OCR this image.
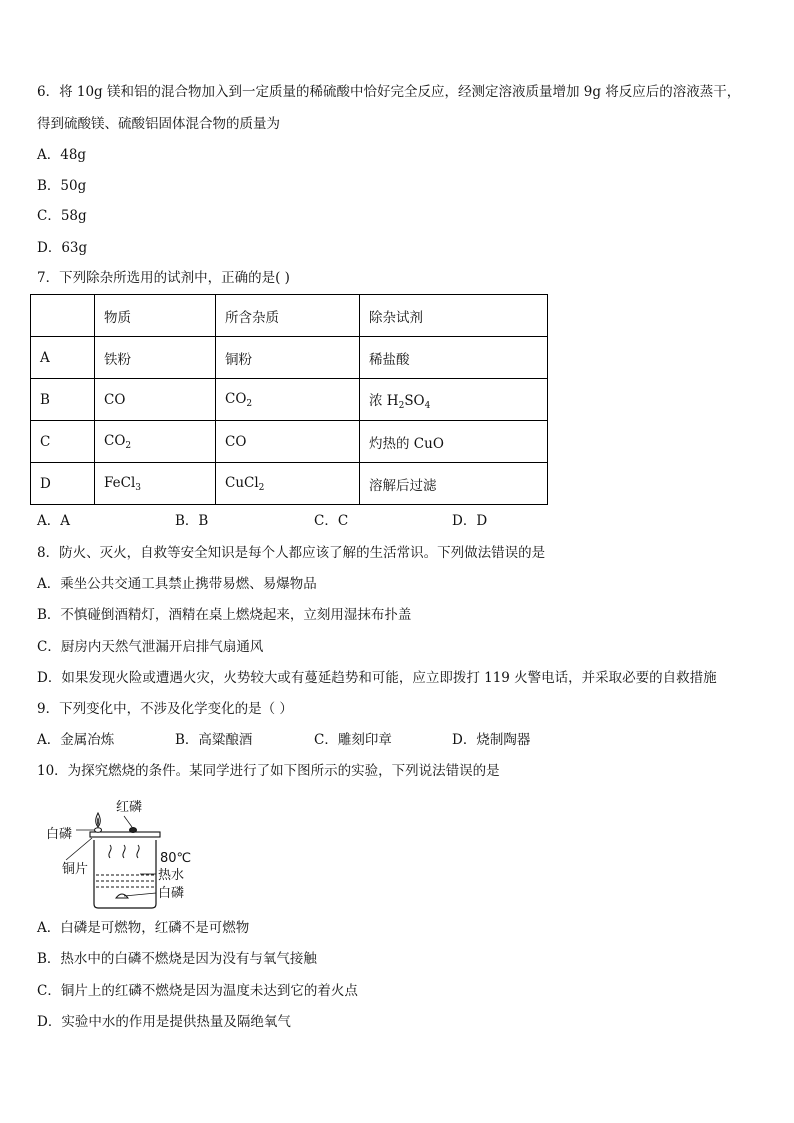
6．将 10g 镁和铝的混合物加入到一定质量的稀硫酸中恰好完全反应，经测定溶液质量增加 9g 将反应后的溶液蒸干，
得到硫酸镁、硫酸铝固体混合物的质量为
A．48g
B．50g
C．58g
D．63g
7．下列除杂所选用的试剂中，正确的是( )
	物质	所含杂质	除杂试剂
A	铁粉	铜粉	稀盐酸
B	CO	$CO_2$	浓 $H_2SO_4$
C	$CO_2$	CO	灼热的 CuO
D	FeCl$_3$	CuCl$_2$	溶解后过滤
A．A	B．B	C．C	D．D
8．防火、灭火，自救等安全知识是每个人都应该了解的生活常识。下列做法错误的是
A．乘坐公共交通工具禁止携带易燃、易爆物品
B．不慎碰倒酒精灯，酒精在桌上燃烧起来，立刻用湿抹布扑盖
C．厨房内天然气泄漏开启排气扇通风
D．如果发现火险或遭遇火灾，火势较大或有蔓延趋势和可能，应立即拨打 119 火警电话，并采取必要的自救措施
9．下列变化中，不涉及化学变化的是（ ）
A．金属冶炼	B．高粱酿酒	C．雕刻印章	D．烧制陶器
10．为探究燃烧的条件。某同学进行了如下图所示的实验，下列说法错误的是
红磷
白磷
铜片
80℃
热水
白磷
A．白磷是可燃物，红磷不是可燃物
B．热水中的白磷不燃烧是因为没有与氧气接触
C．铜片上的红磷不燃烧是因为温度未达到它的着火点
D．实验中水的作用是提供热量及隔绝氧气
